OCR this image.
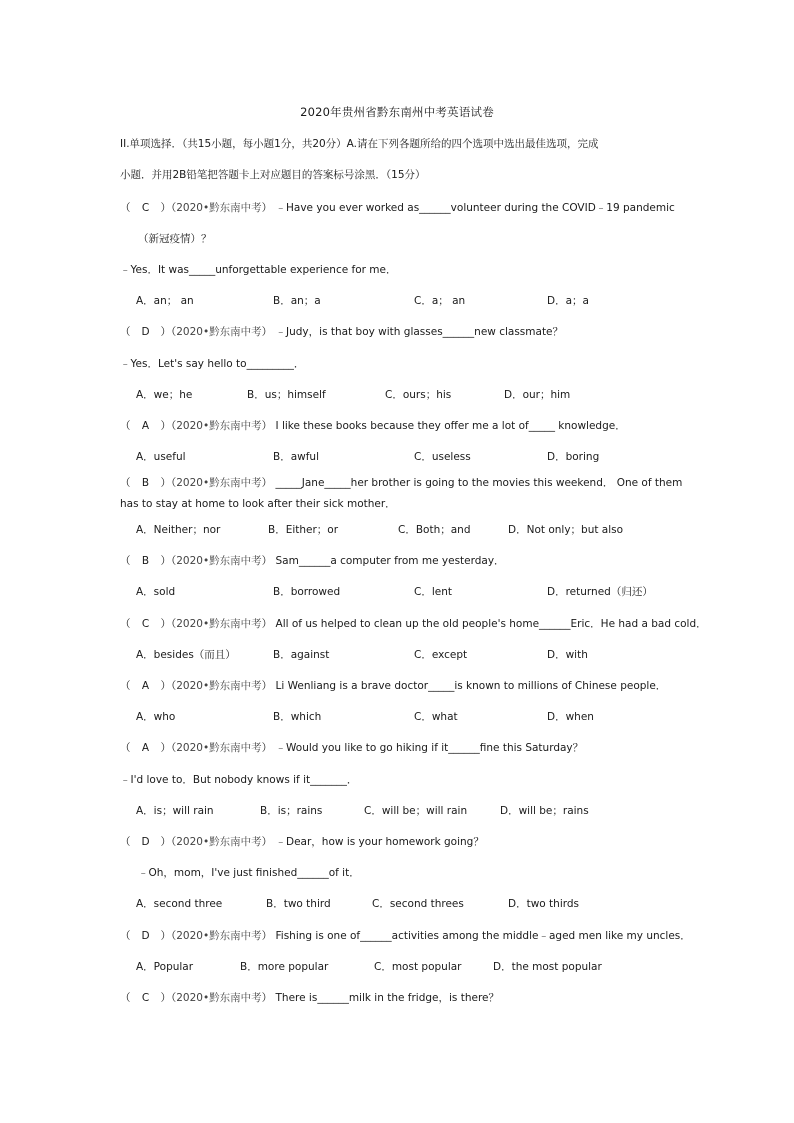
2020年贵州省黔东南州中考英语试卷
II.单项选择．（共15小题，每小题1分，共20分）A.请在下列各题所给的四个选项中选出最佳选项，完成
小题．并用2B铅笔把答题卡上对应题目的答案标号涂黑．（15分）
（ C ）（2020•黔东南中考） ﹣Have you ever worked as______volunteer during the COVID﹣19 pandemic
（新冠疫情）？
﹣Yes．It was_____unforgettable experience for me．
A．an； an	B．an；a	C．a； an	D．a；a
（ D ）（2020•黔东南中考） ﹣Judy，is that boy with glasses______new classmate？
﹣Yes．Let's say hello to_________．
A．we；he	B．us；himself	C．ours；his	D．our；him
（ A ）（2020•黔东南中考） I like these books because they offer me a lot of_____ knowledge．
A．useful	B．awful	C．useless	D．boring
（ B ）（2020•黔东南中考） _____Jane_____her brother is going to the movies this weekend． One of them
has to stay at home to look after their sick mother．
A．Neither；nor	B．Either；or	C．Both；and	D．Not only；but also
（ B ）（2020•黔东南中考） Sam______a computer from me yesterday．
A．sold	B．borrowed	C．lent	D．returned（归还）
（ C ）（2020•黔东南中考） All of us helped to clean up the old people's home______Eric．He had a bad cold．
A．besides（而且）	B．against	C．except	D．with
（ A ）（2020•黔东南中考） Li Wenliang is a brave doctor_____is known to millions of Chinese people．
A．who	B．which	C．what	D．when
（ A ）（2020•黔东南中考） ﹣Would you like to go hiking if it______fine this Saturday？
﹣I'd love to．But nobody knows if it_______．
A．is；will rain	B．is；rains	C．will be；will rain	D．will be；rains
（ D ）（2020•黔东南中考） ﹣Dear，how is your homework going？
﹣Oh，mom，I've just finished______of it．
A．second three	B．two third	C．second threes	D．two thirds
（ D ）（2020•黔东南中考） Fishing is one of______activities among the middle﹣aged men like my uncles．
A．Popular	B．more popular	C．most popular	D．the most popular
（ C ）（2020•黔东南中考） There is______milk in the fridge，is there？
